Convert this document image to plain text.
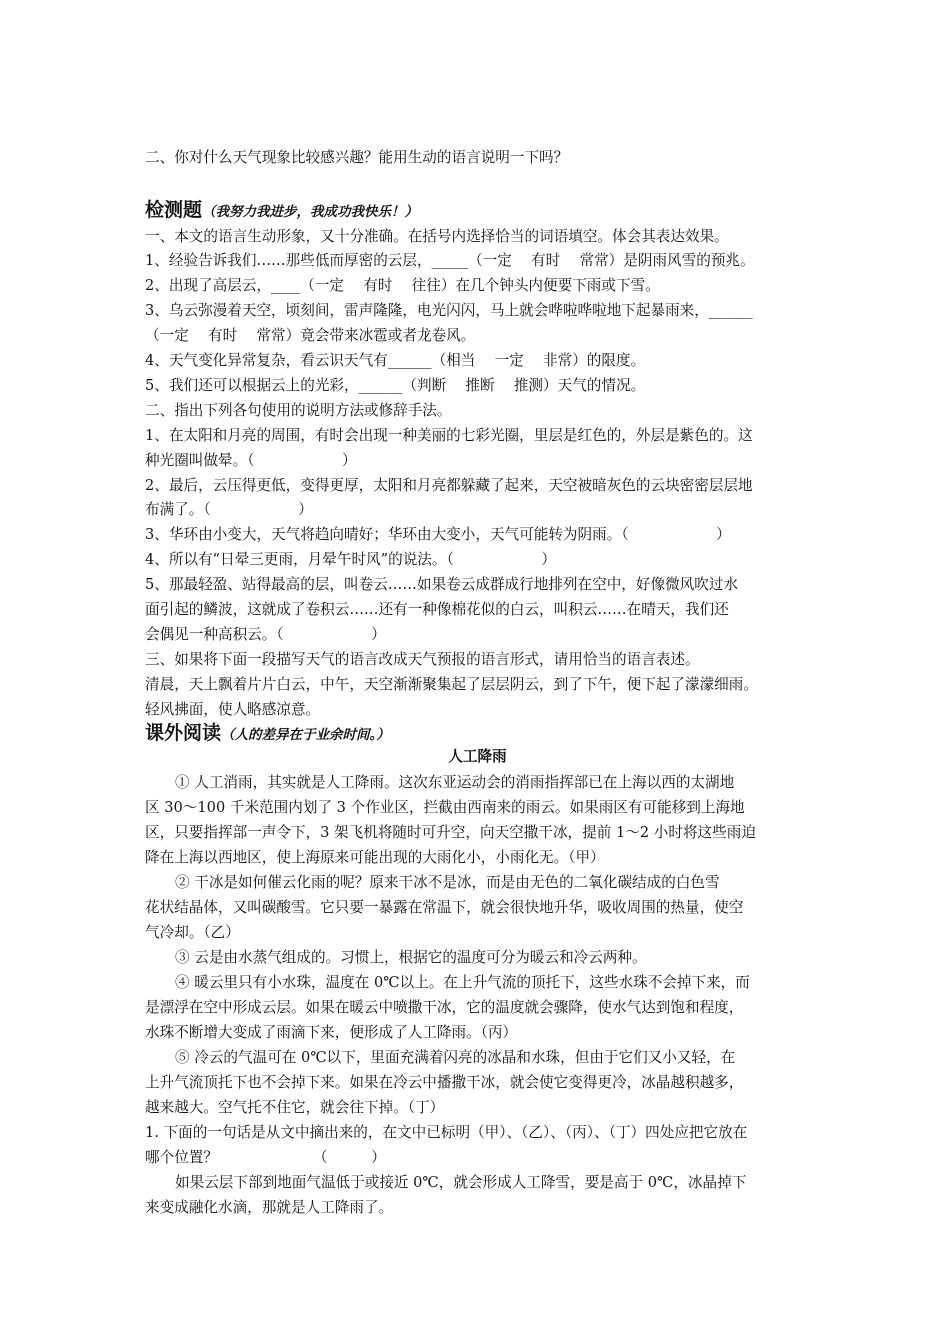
二、你对什么天气现象比较感兴趣？能用生动的语言说明一下吗？
检测题（我努力我进步，我成功我快乐！）
一、本文的语言生动形象，又十分准确。在括号内选择恰当的词语填空。体会其表达效果。
1、经验告诉我们……那些低而厚密的云层，_____（一定　 有时　 常常）是阴雨风雪的预兆。
2、出现了高层云，____（一定　 有时　 往往）在几个钟头内便要下雨或下雪。
3、乌云弥漫着天空，顷刻间，雷声隆隆，电光闪闪，马上就会哗啦哗啦地下起暴雨来，______
（一定　 有时　 常常）竟会带来冰雹或者龙卷风。
4、天气变化异常复杂，看云识天气有______（相当　 一定　 非常）的限度。
5、我们还可以根据云上的光彩，______（判断　 推断　 推测）天气的情况。
二、指出下列各句使用的说明方法或修辞手法。
1、在太阳和月亮的周围，有时会出现一种美丽的七彩光圈，里层是红色的，外层是紫色的。这
种光圈叫做晕。（　　　　　　）
2、最后，云压得更低，变得更厚，太阳和月亮都躲藏了起来，天空被暗灰色的云块密密层层地
布满了。（　　　　　　）
3、华环由小变大，天气将趋向晴好；华环由大变小，天气可能转为阴雨。（　　　　　　）
4、所以有“日晕三更雨，月晕午时风”的说法。（　　　　　　）
5、那最轻盈、站得最高的层，叫卷云……如果卷云成群成行地排列在空中，好像微风吹过水
面引起的鳞波，这就成了卷积云……还有一种像棉花似的白云，叫积云……在晴天，我们还
会偶见一种高积云。（　　　　　　）
三、如果将下面一段描写天气的语言改成天气预报的语言形式，请用恰当的语言表述。
清晨，天上飘着片片白云，中午，天空渐渐聚集起了层层阴云，到了下午，便下起了濛濛细雨。
轻风拂面，使人略感凉意。
课外阅读（人的差异在于业余时间。）
人工降雨
① 人工消雨，其实就是人工降雨。这次东亚运动会的消雨指挥部已在上海以西的太湖地
区 30～100 千米范围内划了 3 个作业区，拦截由西南来的雨云。如果雨区有可能移到上海地
区，只要指挥部一声令下，3 架飞机将随时可升空，向天空撒干冰，提前 1～2 小时将这些雨迫
降在上海以西地区，使上海原来可能出现的大雨化小，小雨化无。（甲）
② 干冰是如何催云化雨的呢？原来干冰不是冰，而是由无色的二氧化碳结成的白色雪
花状结晶体，又叫碳酸雪。它只要一暴露在常温下，就会很快地升华，吸收周围的热量，使空
气冷却。（乙）
③ 云是由水蒸气组成的。习惯上，根据它的温度可分为暖云和冷云两种。
④ 暖云里只有小水珠，温度在 0℃以上。在上升气流的顶托下，这些水珠不会掉下来，而
是漂浮在空中形成云层。如果在暖云中喷撒干冰，它的温度就会骤降，使水气达到饱和程度，
水珠不断增大变成了雨滴下来，便形成了人工降雨。（丙）
⑤ 冷云的气温可在 0℃以下，里面充满着闪亮的冰晶和水珠，但由于它们又小又轻，在
上升气流顶托下也不会掉下来。如果在冷云中播撒干冰，就会使它变得更冷，冰晶越积越多，
越来越大。空气托不住它，就会往下掉。（丁）
1. 下面的一句话是从文中摘出来的，在文中已标明（甲）、（乙）、（丙）、（丁）四处应把它放在
哪个位置？　　　　　　　（　　　）
如果云层下部到地面气温低于或接近 0℃，就会形成人工降雪，要是高于 0℃，冰晶掉下
来变成融化水滴，那就是人工降雨了。
